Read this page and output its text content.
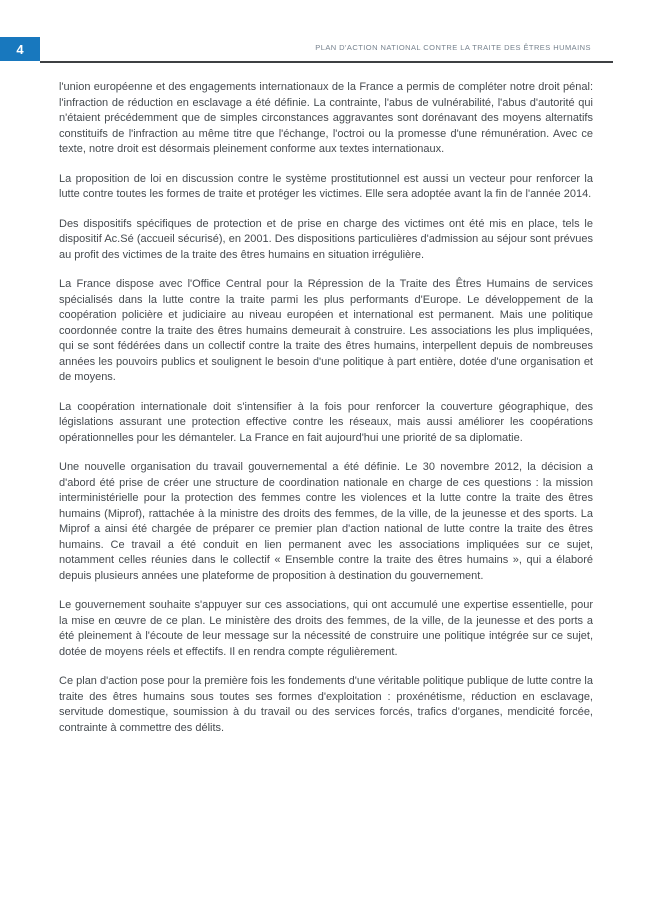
4	PLAN D'ACTION NATIONAL CONTRE LA TRAITE DES ÊTRES HUMAINS

l'union européenne et des engagements internationaux de la France a permis de compléter notre droit pénal: l'infraction de réduction en esclavage a été définie. La contrainte, l'abus de vulnérabilité, l'abus d'autorité qui n'étaient précédemment que de simples circonstances aggravantes sont dorénavant des moyens alternatifs constituifs de l'infraction au même titre que l'échange, l'octroi ou la promesse d'une rémunération. Avec ce texte, notre droit est désormais pleinement conforme aux textes internationaux.

La proposition de loi en discussion contre le système prostitutionnel est aussi un vecteur pour renforcer la lutte contre toutes les formes de traite et protéger les victimes. Elle sera adoptée avant la fin de l'année 2014.

Des dispositifs spécifiques de protection et de prise en charge des victimes ont été mis en place, tels le dispositif Ac.Sé (accueil sécurisé), en 2001. Des dispositions particulières d'admission au séjour sont prévues au profit des victimes de la traite des êtres humains en situation irrégulière.

La France dispose avec l'Office Central pour la Répression de la Traite des Êtres Humains de services spécialisés dans la lutte contre la traite parmi les plus performants d'Europe. Le développement de la coopération policière et judiciaire au niveau européen et international est permanent. Mais une politique coordonnée contre la traite des êtres humains demeurait à construire. Les associations les plus impliquées, qui se sont fédérées dans un collectif contre la traite des êtres humains, interpellent depuis de nombreuses années les pouvoirs publics et soulignent le besoin d'une politique à part entière, dotée d'une organisation et de moyens.

La coopération internationale doit s'intensifier à la fois pour renforcer la couverture géographique, des législations assurant une protection effective contre les réseaux, mais aussi améliorer les coopérations opérationnelles pour les démanteler. La France en fait aujourd'hui une priorité de sa diplomatie.

Une nouvelle organisation du travail gouvernemental a été définie. Le 30 novembre 2012, la décision a d'abord été prise de créer une structure de coordination nationale en charge de ces questions : la mission interministérielle pour la protection des femmes contre les violences et la lutte contre la traite des êtres humains (Miprof), rattachée à la ministre des droits des femmes, de la ville, de la jeunesse et des sports. La Miprof a ainsi été chargée de préparer ce premier plan d'action national de lutte contre la traite des êtres humains. Ce travail a été conduit en lien permanent avec les associations impliquées sur ce sujet, notamment celles réunies dans le collectif « Ensemble contre la traite des êtres humains », qui a élaboré depuis plusieurs années une plateforme de proposition à destination du gouvernement.

Le gouvernement souhaite s'appuyer sur ces associations, qui ont accumulé une expertise essentielle, pour la mise en œuvre de ce plan. Le ministère des droits des femmes, de la ville, de la jeunesse et des ports a été pleinement à l'écoute de leur message sur la nécessité de construire une politique intégrée sur ce sujet, dotée de moyens réels et effectifs. Il en rendra compte régulièrement.

Ce plan d'action pose pour la première fois les fondements d'une véritable politique publique de lutte contre la traite des êtres humains sous toutes ses formes d'exploitation : proxénétisme, réduction en esclavage, servitude domestique, soumission à du travail ou des services forcés, trafics d'organes, mendicité forcée, contrainte à commettre des délits.
